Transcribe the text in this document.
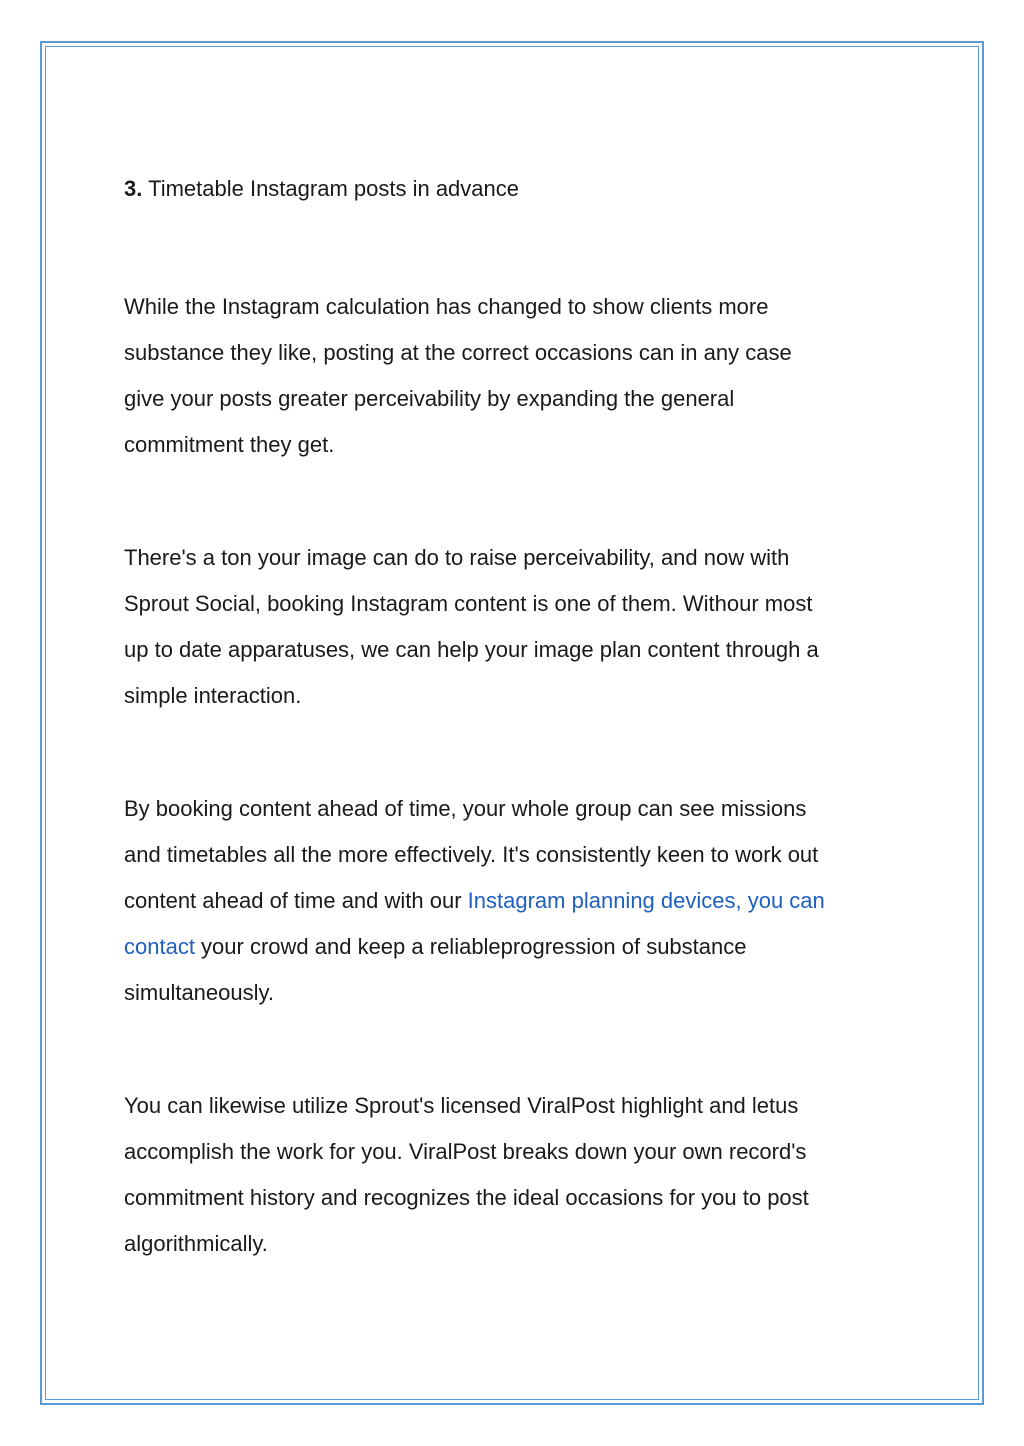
3. Timetable Instagram posts in advance

While the Instagram calculation has changed to show clients more
substance they like, posting at the correct occasions can in any case
give your posts greater perceivability by expanding the general
commitment they get.

There's a ton your image can do to raise perceivability, and now with
Sprout Social, booking Instagram content is one of them. Withour most
up to date apparatuses, we can help your image plan content through a
simple interaction.

By booking content ahead of time, your whole group can see missions
and timetables all the more effectively. It's consistently keen to work out
content ahead of time and with our Instagram planning devices, you can
contact your crowd and keep a reliableprogression of substance
simultaneously.

You can likewise utilize Sprout's licensed ViralPost highlight and letus
accomplish the work for you. ViralPost breaks down your own record's
commitment history and recognizes the ideal occasions for you to post
algorithmically.
